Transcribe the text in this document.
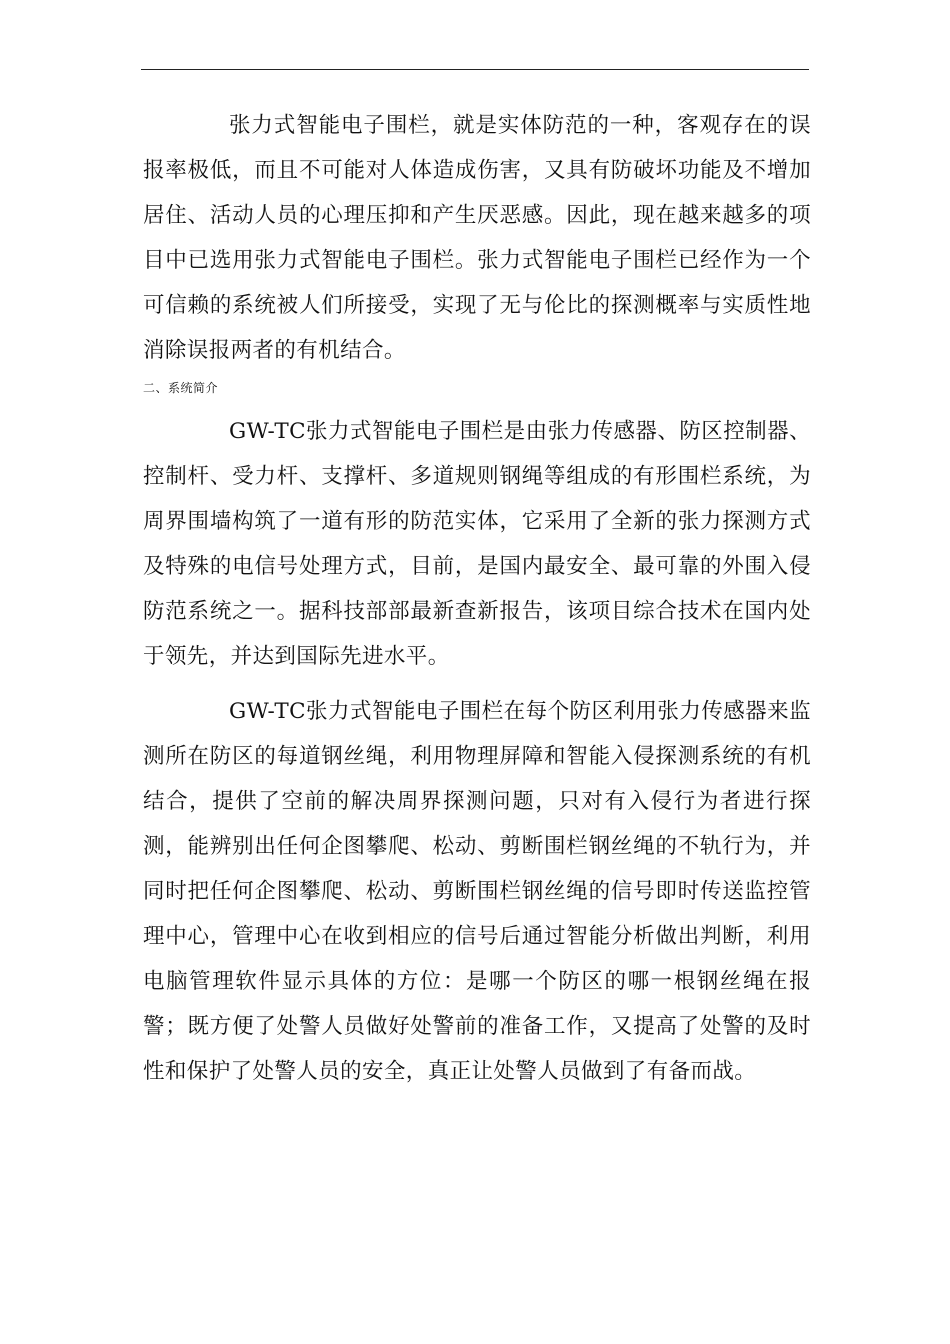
张力式智能电子围栏，就是实体防范的一种，客观存在的误报率极低，而且不可能对人体造成伤害，又具有防破坏功能及不增加居住、活动人员的心理压抑和产生厌恶感。因此，现在越来越多的项目中已选用张力式智能电子围栏。张力式智能电子围栏已经作为一个可信赖的系统被人们所接受，实现了无与伦比的探测概率与实质性地消除误报两者的有机结合。

二、系统简介

GW-TC张力式智能电子围栏是由张力传感器、防区控制器、控制杆、受力杆、支撑杆、多道规则钢绳等组成的有形围栏系统，为周界围墙构筑了一道有形的防范实体，它采用了全新的张力探测方式及特殊的电信号处理方式，目前，是国内最安全、最可靠的外围入侵防范系统之一。据科技部部最新查新报告，该项目综合技术在国内处于领先，并达到国际先进水平。

GW-TC张力式智能电子围栏在每个防区利用张力传感器来监测所在防区的每道钢丝绳，利用物理屏障和智能入侵探测系统的有机结合，提供了空前的解决周界探测问题，只对有入侵行为者进行探测，能辨别出任何企图攀爬、松动、剪断围栏钢丝绳的不轨行为，并同时把任何企图攀爬、松动、剪断围栏钢丝绳的信号即时传送监控管理中心，管理中心在收到相应的信号后通过智能分析做出判断，利用电脑管理软件显示具体的方位：是哪一个防区的哪一根钢丝绳在报警；既方便了处警人员做好处警前的准备工作，又提高了处警的及时性和保护了处警人员的安全，真正让处警人员做到了有备而战。
